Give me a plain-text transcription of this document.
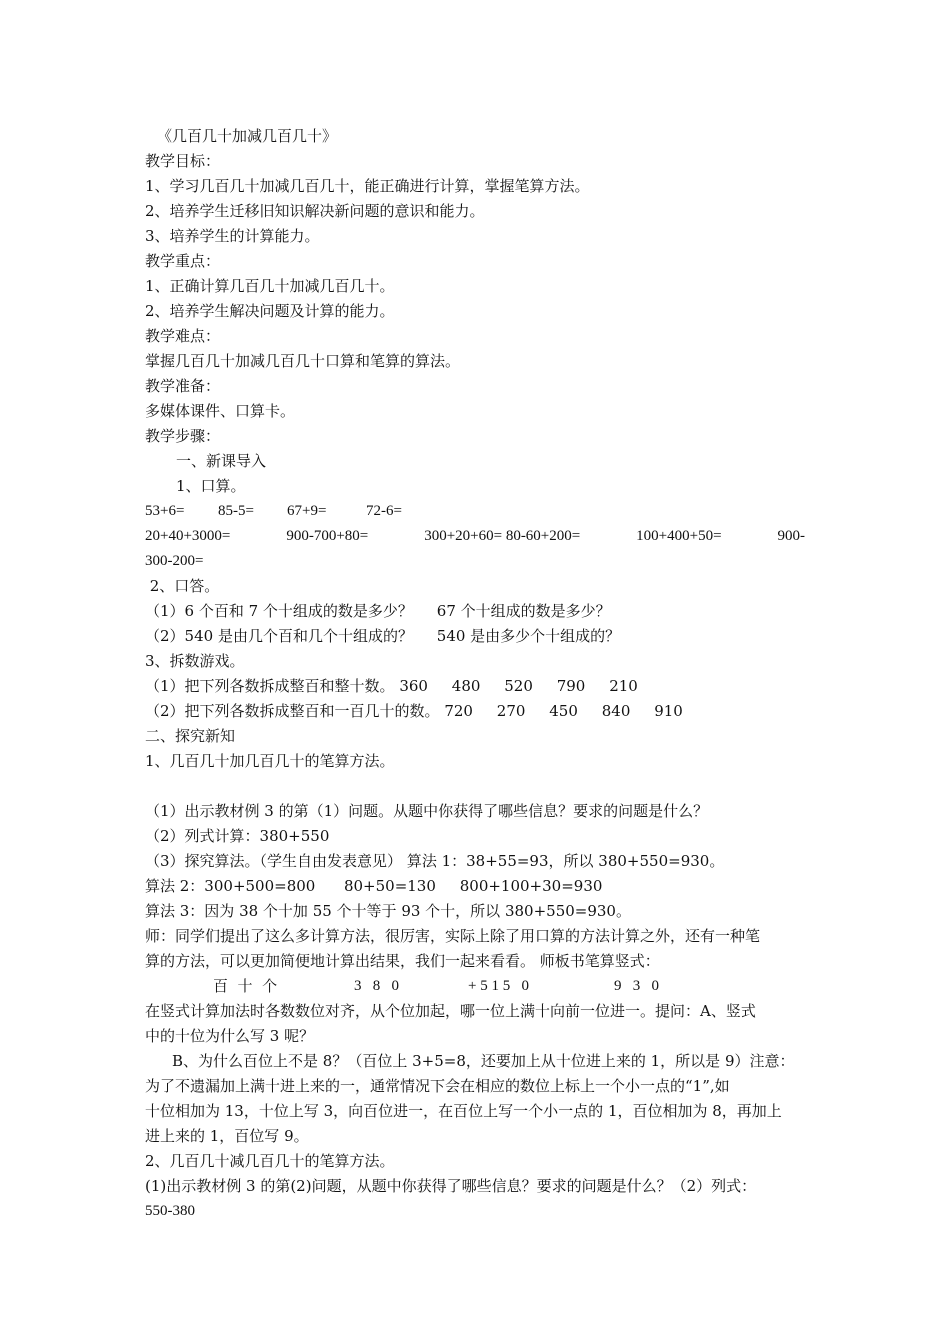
《几百几十加减几百几十》
教学目标：
1、学习几百几十加减几百几十，能正确进行计算，掌握笔算方法。
2、培养学生迁移旧知识解决新问题的意识和能力。
3、培养学生的计算能力。
教学重点：
1、正确计算几百几十加减几百几十。
2、培养学生解决问题及计算的能力。
教学难点：
掌握几百几十加减几百几十口算和笔算的算法。
教学准备：
多媒体课件、口算卡。
教学步骤：
一、新课导入
1、口算。
53+6= 85-5= 67+9=	72-6=
20+40+3000=	900-700+80=	300+20+60= 80-60+200=	100+400+50=	900-
300-200=
2、口答。
（1）6 个百和 7 个十组成的数是多少？     67 个十组成的数是多少？
（2）540 是由几个百和几个十组成的？     540 是由多少个十组成的？
3、拆数游戏。
（1）把下列各数拆成整百和整十数。 360     480     520     790     210
（2）把下列各数拆成整百和一百几十的数。 720     270     450     840     910
二、探究新知
1、几百几十加几百几十的笔算方法。
（1）出示教材例 3 的第（1）问题。从题中你获得了哪些信息？要求的问题是什么？
（2）列式计算：380+550
（3）探究算法。（学生自由发表意见） 算法 1：38+55=93，所以 380+550=930。
算法 2：300+500=800      80+50=130     800+100+30=930
算法 3：因为 38 个十加 55 个十等于 93 个十，所以 380+550=930。
师：同学们提出了这么多计算方法，很厉害，实际上除了用口算的方法计算之外，还有一种笔
算的方法，可以更加简便地计算出结果，我们一起来看看。 师板书笔算竖式：
百  十  个	3   8   0	+ 5 1 5   0	9   3   0
在竖式计算加法时各数数位对齐，从个位加起，哪一位上满十向前一位进一。提问：A、竖式
中的十位为什么写 3 呢？
B、为什么百位上不是 8？（百位上 3+5=8，还要加上从十位进上来的 1，所以是 9）注意：
为了不遗漏加上满十进上来的一，通常情况下会在相应的数位上标上一个小一点的“1”,如
十位相加为 13，十位上写 3，向百位进一，在百位上写一个小一点的 1，百位相加为 8，再加上
进上来的 1，百位写 9。
2、几百几十减几百几十的笔算方法。
(1)出示教材例 3 的第(2)问题，从题中你获得了哪些信息？要求的问题是什么？（2）列式：
550-380
